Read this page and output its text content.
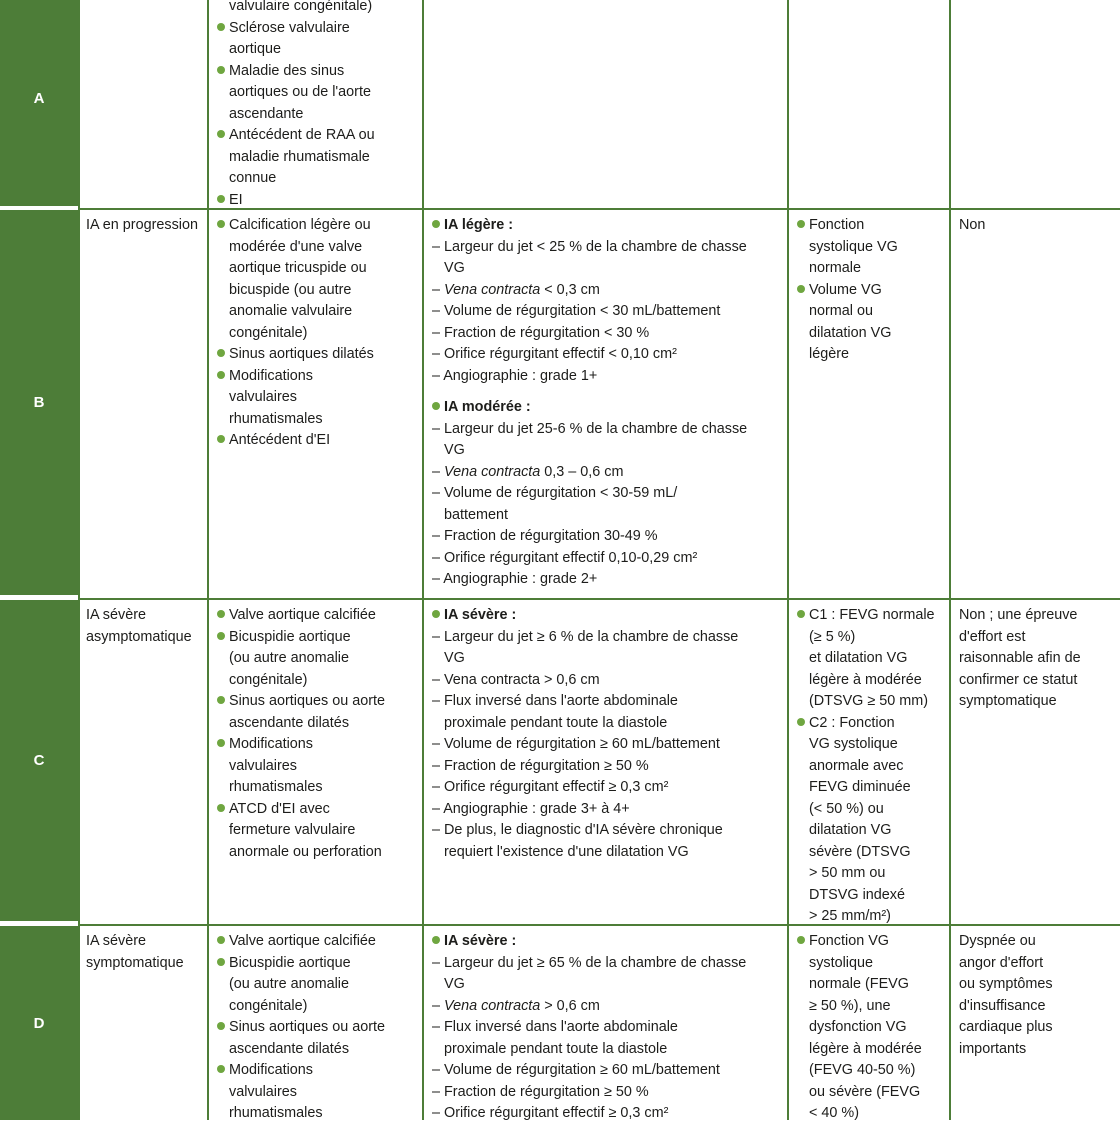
A
valvulaire congénitale)
Sclérose valvulaire
aortique
Maladie des sinus
aortiques ou de l'aorte
ascendante
Antécédent de RAA ou
maladie rhumatismale
connue
EI
B
IA en progression	Calcification légère ou
modérée d'une valve
aortique tricuspide ou
bicuspide (ou autre
anomalie valvulaire
congénitale)
Sinus aortiques dilatés
Modifications
valvulaires
rhumatismales
Antécédent d'EI
IA légère :
– Largeur du jet < 25 % de la chambre de chasse
VG
– Vena contracta < 0,3 cm
– Volume de régurgitation < 30 mL/battement
– Fraction de régurgitation < 30 %
– Orifice régurgitant effectif < 0,10 cm²
– Angiographie : grade 1+
IA modérée :
– Largeur du jet 25-6 % de la chambre de chasse
VG
– Vena contracta 0,3 – 0,6 cm
– Volume de régurgitation < 30-59 mL/
battement
– Fraction de régurgitation 30-49 %
– Orifice régurgitant effectif 0,10-0,29 cm²
– Angiographie : grade 2+
Fonction
systolique VG
normale
Volume VG
normal ou
dilatation VG
légère
Non
C
IA sévère
asymptomatique
Valve aortique calcifiée
Bicuspidie aortique
(ou autre anomalie
congénitale)
Sinus aortiques ou aorte
ascendante dilatés
Modifications
valvulaires
rhumatismales
ATCD d'EI avec
fermeture valvulaire
anormale ou perforation
IA sévère :
– Largeur du jet ≥ 6 % de la chambre de chasse
VG
– Vena contracta > 0,6 cm
– Flux inversé dans l'aorte abdominale
proximale pendant toute la diastole
– Volume de régurgitation ≥ 60 mL/battement
– Fraction de régurgitation ≥ 50 %
– Orifice régurgitant effectif ≥ 0,3 cm²
– Angiographie : grade 3+ à 4+
– De plus, le diagnostic d'IA sévère chronique
requiert l'existence d'une dilatation VG
C1 : FEVG normale
(≥ 5 %)
et dilatation VG
légère à modérée
(DTSVG ≥ 50 mm)
C2 : Fonction
VG systolique
anormale avec
FEVG diminuée
(< 50 %) ou
dilatation VG
sévère (DTSVG
> 50 mm ou
DTSVG indexé
> 25 mm/m²)
Non ; une épreuve
d'effort est
raisonnable afin de
confirmer ce statut
symptomatique
D
IA sévère
symptomatique
Valve aortique calcifiée
Bicuspidie aortique
(ou autre anomalie
congénitale)
Sinus aortiques ou aorte
ascendante dilatés
Modifications
valvulaires
rhumatismales
IA sévère :
– Largeur du jet ≥ 65 % de la chambre de chasse
VG
– Vena contracta > 0,6 cm
– Flux inversé dans l'aorte abdominale
proximale pendant toute la diastole
– Volume de régurgitation ≥ 60 mL/battement
– Fraction de régurgitation ≥ 50 %
– Orifice régurgitant effectif ≥ 0,3 cm²
Fonction VG
systolique
normale (FEVG
≥ 50 %), une
dysfonction VG
légère à modérée
(FEVG 40-50 %)
ou sévère (FEVG
< 40 %)
Dyspnée ou
angor d'effort
ou symptômes
d'insuffisance
cardiaque plus
importants
